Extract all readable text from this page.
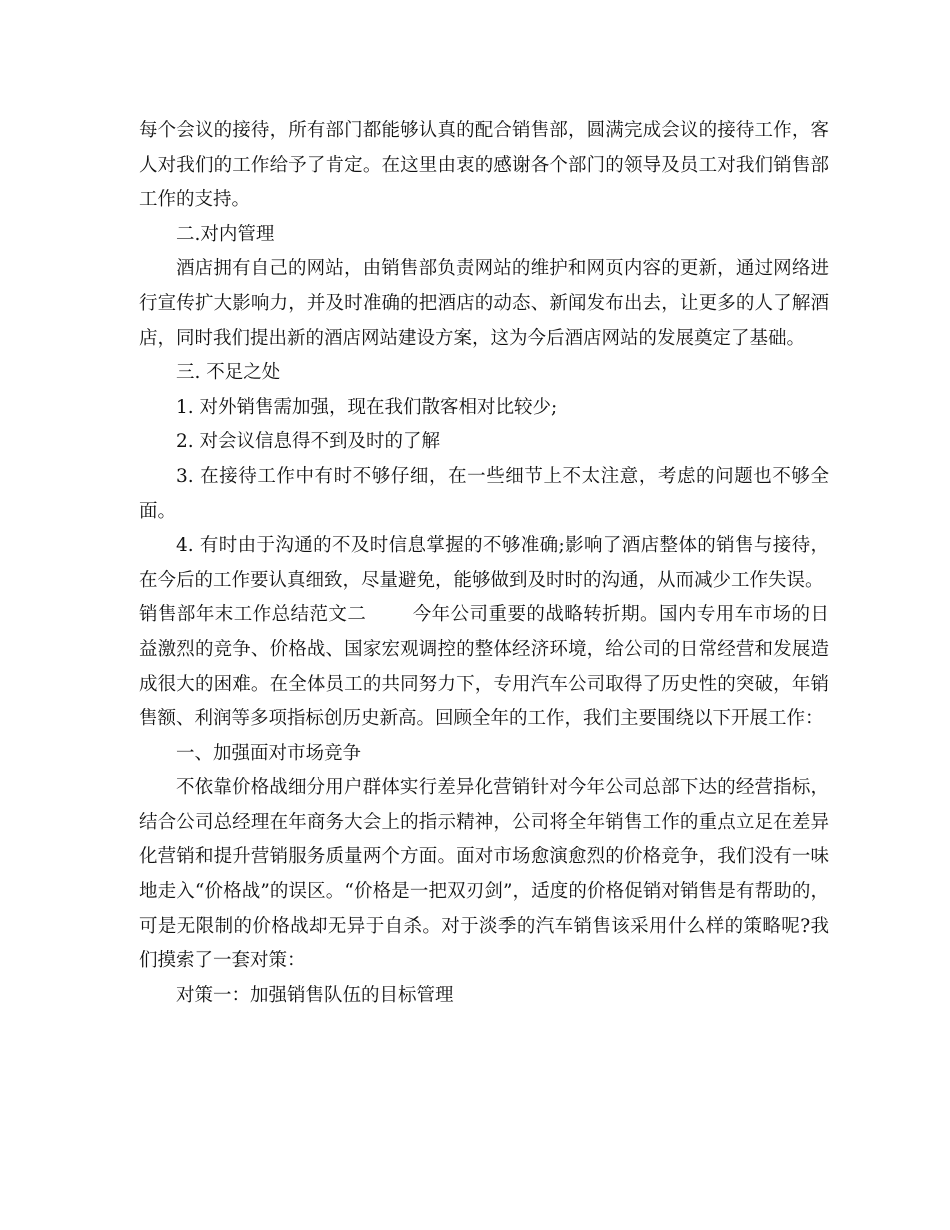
每个会议的接待，所有部门都能够认真的配合销售部，圆满完成会议的接待工作，客人对我们的工作给予了肯定。在这里由衷的感谢各个部门的领导及员工对我们销售部工作的支持。

二.对内管理

酒店拥有自己的网站，由销售部负责网站的维护和网页内容的更新，通过网络进行宣传扩大影响力，并及时准确的把酒店的动态、新闻发布出去，让更多的人了解酒店，同时我们提出新的酒店网站建设方案，这为今后酒店网站的发展奠定了基础。

三. 不足之处

1. 对外销售需加强，现在我们散客相对比较少;

2. 对会议信息得不到及时的了解

3. 在接待工作中有时不够仔细，在一些细节上不太注意，考虑的问题也不够全面。

4. 有时由于沟通的不及时信息掌握的不够准确;影响了酒店整体的销售与接待，在今后的工作要认真细致，尽量避免，能够做到及时时的沟通，从而减少工作失误。

销售部年末工作总结范文二 今年公司重要的战略转折期。国内专用车市场的日益激烈的竞争、价格战、国家宏观调控的整体经济环境，给公司的日常经营和发展造成很大的困难。在全体员工的共同努力下，专用汽车公司取得了历史性的突破，年销售额、利润等多项指标创历史新高。回顾全年的工作，我们主要围绕以下开展工作：

一、加强面对市场竞争

不依靠价格战细分用户群体实行差异化营销针对今年公司总部下达的经营指标，结合公司总经理在年商务大会上的指示精神，公司将全年销售工作的重点立足在差异化营销和提升营销服务质量两个方面。面对市场愈演愈烈的价格竞争，我们没有一味地走入“价格战”的误区。“价格是一把双刃剑”，适度的价格促销对销售是有帮助的，可是无限制的价格战却无异于自杀。对于淡季的汽车销售该采用什么样的策略呢?我们摸索了一套对策：

对策一：加强销售队伍的目标管理
